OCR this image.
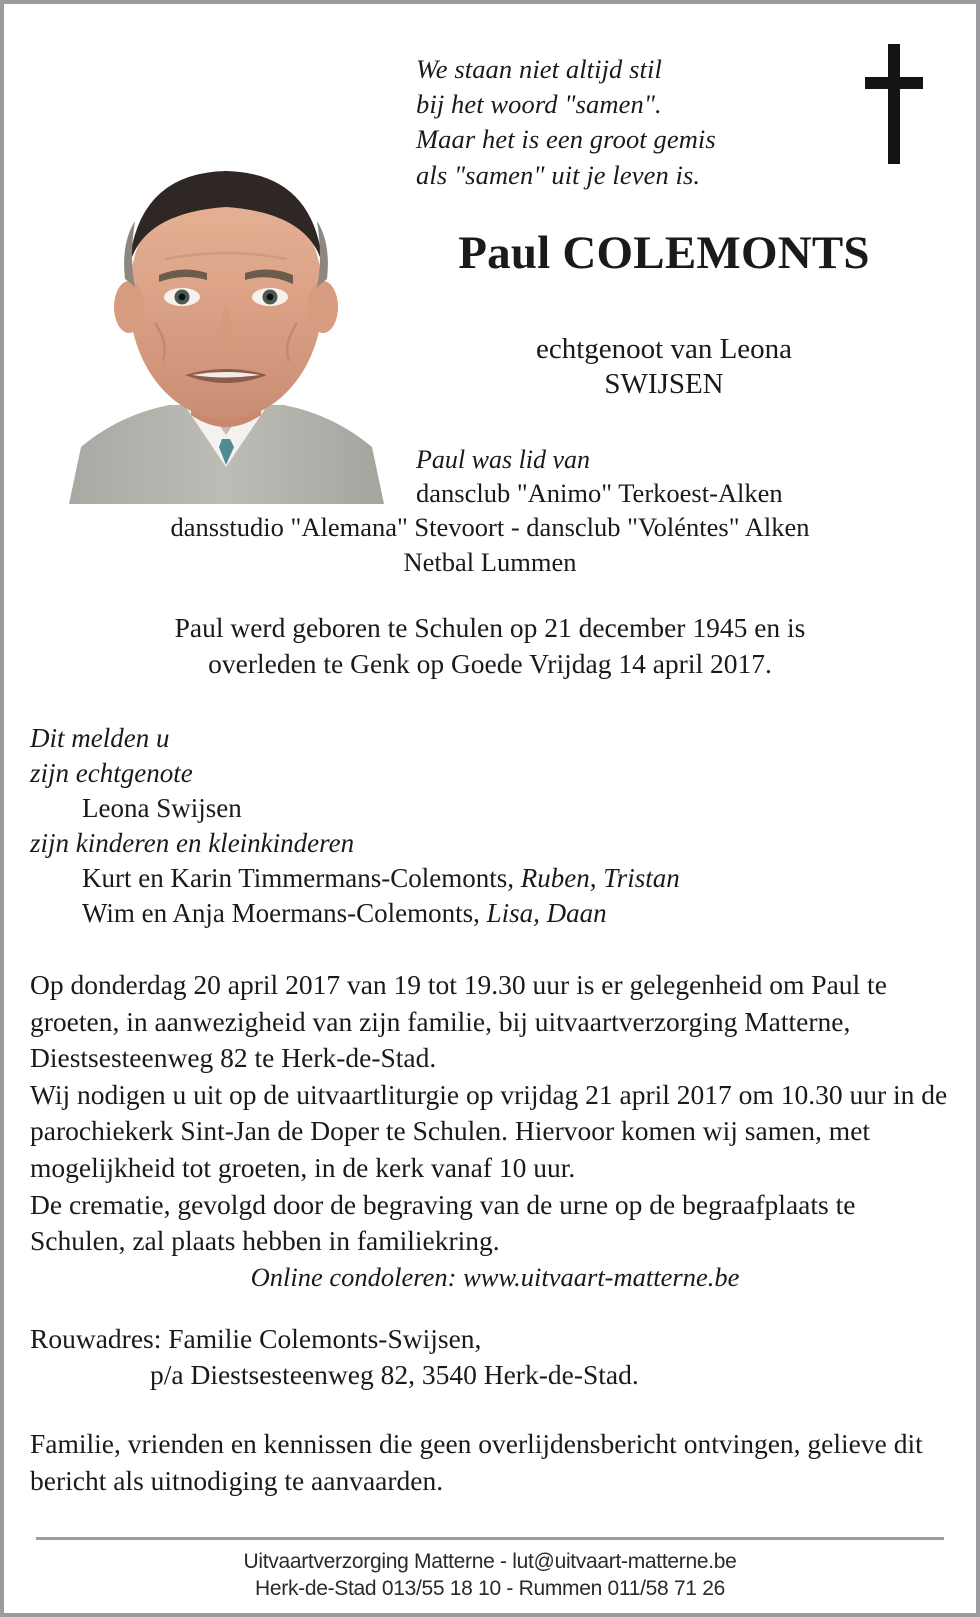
We staan niet altijd stil
bij het woord "samen".
Maar het is een groot gemis
als "samen" uit je leven is.
Paul COLEMONTS
echtgenoot van Leona
SWIJSEN
Paul was lid van
dansclub "Animo" Terkoest-Alken
dansstudio "Alemana" Stevoort - dansclub "Voléntes" Alken
Netbal Lummen
Paul werd geboren te Schulen op 21 december 1945 en is
overleden te Genk op Goede Vrijdag 14 april 2017.
Dit melden u
zijn echtgenote
Leona Swijsen
zijn kinderen en kleinkinderen
Kurt en Karin Timmermans-Colemonts, Ruben, Tristan
Wim en Anja Moermans-Colemonts, Lisa, Daan

Op donderdag 20 april 2017 van 19 tot 19.30 uur is er gelegenheid om Paul te groeten, in aanwezigheid van zijn familie, bij uitvaartverzorging Matterne, Diestsesteenweg 82 te Herk-de-Stad.

Wij nodigen u uit op de uitvaartliturgie op vrijdag 21 april 2017 om 10.30 uur in de parochiekerk Sint-Jan de Doper te Schulen. Hiervoor komen wij samen, met mogelijkheid tot groeten, in de kerk vanaf 10 uur.

De crematie, gevolgd door de begraving van de urne op de begraafplaats te Schulen, zal plaats hebben in familiekring.

Online condoleren: www.uitvaart-matterne.be

Rouwadres: Familie Colemonts-Swijsen,
p/a Diestsesteenweg 82, 3540 Herk-de-Stad.
Familie, vrienden en kennissen die geen overlijdensbericht ontvingen, gelieve dit bericht als uitnodiging te aanvaarden.
Uitvaartverzorging Matterne - lut@uitvaart-matterne.be
Herk-de-Stad 013/55 18 10 - Rummen 011/58 71 26
